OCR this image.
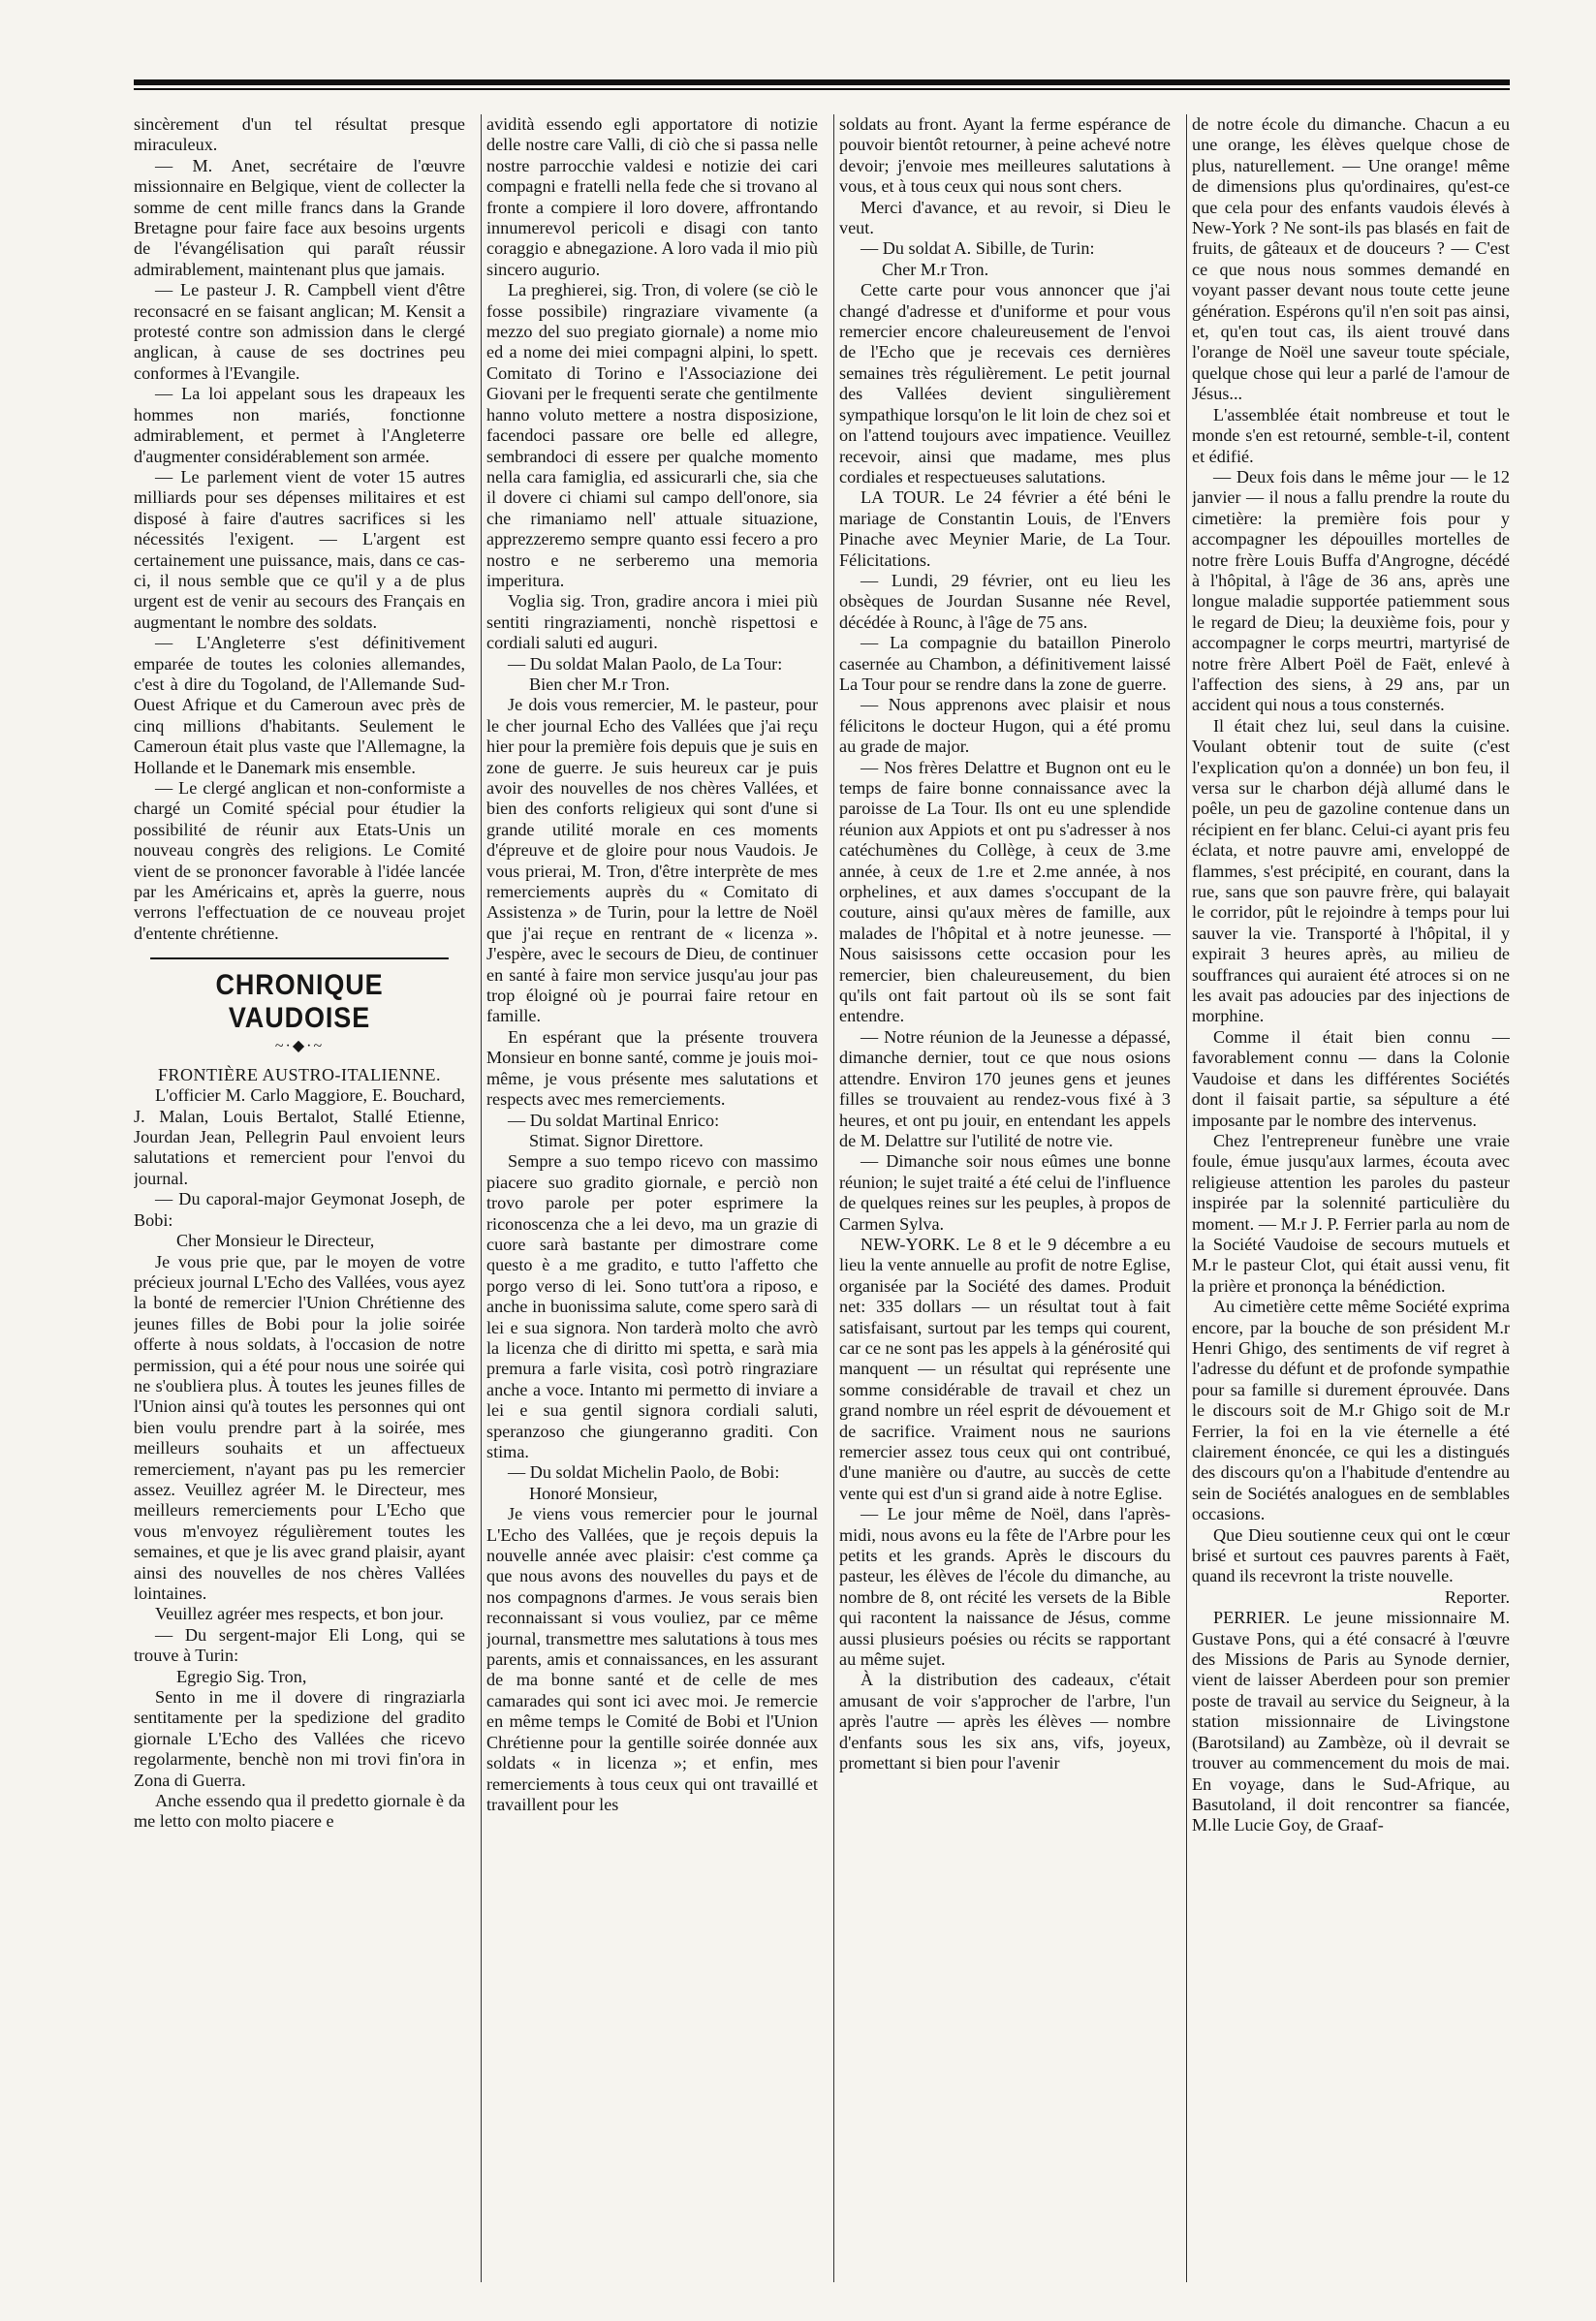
sincèrement d'un tel résultat presque miraculeux.

— M. Anet, secrétaire de l'œuvre missionnaire en Belgique, vient de collecter la somme de cent mille francs dans la Grande Bretagne pour faire face aux besoins urgents de l'évangélisation qui paraît réussir admirablement, maintenant plus que jamais.

— Le pasteur J. R. Campbell vient d'être reconsacré en se faisant anglican; M. Kensit a protesté contre son admission dans le clergé anglican, à cause de ses doctrines peu conformes à l'Evangile.

— La loi appelant sous les drapeaux les hommes non mariés, fonctionne admirablement, et permet à l'Angleterre d'augmenter considérablement son armée.

— Le parlement vient de voter 15 autres milliards pour ses dépenses militaires et est disposé à faire d'autres sacrifices si les nécessités l'exigent. — L'argent est certainement une puissance, mais, dans ce cas-ci, il nous semble que ce qu'il y a de plus urgent est de venir au secours des Français en augmentant le nombre des soldats.

— L'Angleterre s'est définitivement emparée de toutes les colonies allemandes, c'est à dire du Togoland, de l'Allemande Sud-Ouest Afrique et du Cameroun avec près de cinq millions d'habitants. Seulement le Cameroun était plus vaste que l'Allemagne, la Hollande et le Danemark mis ensemble.

— Le clergé anglican et non-conformiste a chargé un Comité spécial pour étudier la possibilité de réunir aux Etats-Unis un nouveau congrès des religions. Le Comité vient de se prononcer favorable à l'idée lancée par les Américains et, après la guerre, nous verrons l'effectuation de ce nouveau projet d'entente chrétienne.

CHRONIQUE VAUDOISE
~·◆·~
FRONTIÈRE AUSTRO-ITALIENNE.

L'officier M. Carlo Maggiore, E. Bouchard, J. Malan, Louis Bertalot, Stallé Etienne, Jourdan Jean, Pellegrin Paul envoient leurs salutations et remercient pour l'envoi du journal.

— Du caporal-major Geymonat Joseph, de Bobi:

Cher Monsieur le Directeur,

Je vous prie que, par le moyen de votre précieux journal L'Echo des Vallées, vous ayez la bonté de remercier l'Union Chrétienne des jeunes filles de Bobi pour la jolie soirée offerte à nous soldats, à l'occasion de notre permission, qui a été pour nous une soirée qui ne s'oubliera plus. À toutes les jeunes filles de l'Union ainsi qu'à toutes les personnes qui ont bien voulu prendre part à la soirée, mes meilleurs souhaits et un affectueux remerciement, n'ayant pas pu les remercier assez. Veuillez agréer M. le Directeur, mes meilleurs remerciements pour L'Echo que vous m'envoyez régulièrement toutes les semaines, et que je lis avec grand plaisir, ayant ainsi des nouvelles de nos chères Vallées lointaines.

Veuillez agréer mes respects, et bon jour.

— Du sergent-major Eli Long, qui se trouve à Turin:

Egregio Sig. Tron,

Sento in me il dovere di ringraziarla sentitamente per la spedizione del gradito giornale L'Echo des Vallées che ricevo regolarmente, benchè non mi trovi fin'ora in Zona di Guerra.

Anche essendo qua il predetto giornale è da me letto con molto piacere e

avidità essendo egli apportatore di notizie delle nostre care Valli, di ciò che si passa nelle nostre parrocchie valdesi e notizie dei cari compagni e fratelli nella fede che si trovano al fronte a compiere il loro dovere, affrontando innumerevol pericoli e disagi con tanto coraggio e abnegazione. A loro vada il mio più sincero augurio.

La preghierei, sig. Tron, di volere (se ciò le fosse possibile) ringraziare vivamente (a mezzo del suo pregiato giornale) a nome mio ed a nome dei miei compagni alpini, lo spett. Comitato di Torino e l'Associazione dei Giovani per le frequenti serate che gentilmente hanno voluto mettere a nostra disposizione, facendoci passare ore belle ed allegre, sembrandoci di essere per qualche momento nella cara famiglia, ed assicurarli che, sia che il dovere ci chiami sul campo dell'onore, sia che rimaniamo nell' attuale situazione, apprezzeremo sempre quanto essi fecero a pro nostro e ne serberemo una memoria imperitura.

Voglia sig. Tron, gradire ancora i miei più sentiti ringraziamenti, nonchè rispettosi e cordiali saluti ed auguri.

— Du soldat Malan Paolo, de La Tour:

Bien cher M.r Tron.

Je dois vous remercier, M. le pasteur, pour le cher journal Echo des Vallées que j'ai reçu hier pour la première fois depuis que je suis en zone de guerre. Je suis heureux car je puis avoir des nouvelles de nos chères Vallées, et bien des conforts religieux qui sont d'une si grande utilité morale en ces moments d'épreuve et de gloire pour nous Vaudois. Je vous prierai, M. Tron, d'être interprète de mes remerciements auprès du « Comitato di Assistenza » de Turin, pour la lettre de Noël que j'ai reçue en rentrant de « licenza ». J'espère, avec le secours de Dieu, de continuer en santé à faire mon service jusqu'au jour pas trop éloigné où je pourrai faire retour en famille.

En espérant que la présente trouvera Monsieur en bonne santé, comme je jouis moi-même, je vous présente mes salutations et respects avec mes remerciements.

— Du soldat Martinal Enrico:

Stimat. Signor Direttore.

Sempre a suo tempo ricevo con massimo piacere suo gradito giornale, e perciò non trovo parole per poter esprimere la riconoscenza che a lei devo, ma un grazie di cuore sarà bastante per dimostrare come questo è a me gradito, e tutto l'affetto che porgo verso di lei. Sono tutt'ora a riposo, e anche in buonissima salute, come spero sarà di lei e sua signora. Non tarderà molto che avrò la licenza che di diritto mi spetta, e sarà mia premura a farle visita, così potrò ringraziare anche a voce. Intanto mi permetto di inviare a lei e sua gentil signora cordiali saluti, speranzoso che giungeranno graditi. Con stima.

— Du soldat Michelin Paolo, de Bobi:

Honoré Monsieur,

Je viens vous remercier pour le journal L'Echo des Vallées, que je reçois depuis la nouvelle année avec plaisir: c'est comme ça que nous avons des nouvelles du pays et de nos compagnons d'armes. Je vous serais bien reconnaissant si vous vouliez, par ce même journal, transmettre mes salutations à tous mes parents, amis et connaissances, en les assurant de ma bonne santé et de celle de mes camarades qui sont ici avec moi. Je remercie en même temps le Comité de Bobi et l'Union Chrétienne pour la gentille soirée donnée aux soldats « in licenza »; et enfin, mes remerciements à tous ceux qui ont travaillé et travaillent pour les

soldats au front. Ayant la ferme espérance de pouvoir bientôt retourner, à peine achevé notre devoir; j'envoie mes meilleures salutations à vous, et à tous ceux qui nous sont chers.

Merci d'avance, et au revoir, si Dieu le veut.

— Du soldat A. Sibille, de Turin:

Cher M.r Tron.

Cette carte pour vous annoncer que j'ai changé d'adresse et d'uniforme et pour vous remercier encore chaleureusement de l'envoi de l'Echo que je recevais ces dernières semaines très régulièrement. Le petit journal des Vallées devient singulièrement sympathique lorsqu'on le lit loin de chez soi et on l'attend toujours avec impatience. Veuillez recevoir, ainsi que madame, mes plus cordiales et respectueuses salutations.

LA TOUR. Le 24 février a été béni le mariage de Constantin Louis, de l'Envers Pinache avec Meynier Marie, de La Tour. Félicitations.

— Lundi, 29 février, ont eu lieu les obsèques de Jourdan Susanne née Revel, décédée à Rounc, à l'âge de 75 ans.

— La compagnie du bataillon Pinerolo casernée au Chambon, a définitivement laissé La Tour pour se rendre dans la zone de guerre.

— Nous apprenons avec plaisir et nous félicitons le docteur Hugon, qui a été promu au grade de major.

— Nos frères Delattre et Bugnon ont eu le temps de faire bonne connaissance avec la paroisse de La Tour. Ils ont eu une splendide réunion aux Appiots et ont pu s'adresser à nos catéchumènes du Collège, à ceux de 3.me année, à ceux de 1.re et 2.me année, à nos orphelines, et aux dames s'occupant de la couture, ainsi qu'aux mères de famille, aux malades de l'hôpital et à notre jeunesse. — Nous saisissons cette occasion pour les remercier, bien chaleureusement, du bien qu'ils ont fait partout où ils se sont fait entendre.

— Notre réunion de la Jeunesse a dépassé, dimanche dernier, tout ce que nous osions attendre. Environ 170 jeunes gens et jeunes filles se trouvaient au rendez-vous fixé à 3 heures, et ont pu jouir, en entendant les appels de M. Delattre sur l'utilité de notre vie.

— Dimanche soir nous eûmes une bonne réunion; le sujet traité a été celui de l'influence de quelques reines sur les peuples, à propos de Carmen Sylva.

NEW-YORK. Le 8 et le 9 décembre a eu lieu la vente annuelle au profit de notre Eglise, organisée par la Société des dames. Produit net: 335 dollars — un résultat tout à fait satisfaisant, surtout par les temps qui courent, car ce ne sont pas les appels à la générosité qui manquent — un résultat qui représente une somme considérable de travail et chez un grand nombre un réel esprit de dévouement et de sacrifice. Vraiment nous ne saurions remercier assez tous ceux qui ont contribué, d'une manière ou d'autre, au succès de cette vente qui est d'un si grand aide à notre Eglise.

— Le jour même de Noël, dans l'après-midi, nous avons eu la fête de l'Arbre pour les petits et les grands. Après le discours du pasteur, les élèves de l'école du dimanche, au nombre de 8, ont récité les versets de la Bible qui racontent la naissance de Jésus, comme aussi plusieurs poésies ou récits se rapportant au même sujet.

À la distribution des cadeaux, c'était amusant de voir s'approcher de l'arbre, l'un après l'autre — après les élèves — nombre d'enfants sous les six ans, vifs, joyeux, promettant si bien pour l'avenir

de notre école du dimanche. Chacun a eu une orange, les élèves quelque chose de plus, naturellement. — Une orange! même de dimensions plus qu'ordinaires, qu'est-ce que cela pour des enfants vaudois élevés à New-York ? Ne sont-ils pas blasés en fait de fruits, de gâteaux et de douceurs ? — C'est ce que nous nous sommes demandé en voyant passer devant nous toute cette jeune génération. Espérons qu'il n'en soit pas ainsi, et, qu'en tout cas, ils aient trouvé dans l'orange de Noël une saveur toute spéciale, quelque chose qui leur a parlé de l'amour de Jésus...

L'assemblée était nombreuse et tout le monde s'en est retourné, semble-t-il, content et édifié.

— Deux fois dans le même jour — le 12 janvier — il nous a fallu prendre la route du cimetière: la première fois pour y accompagner les dépouilles mortelles de notre frère Louis Buffa d'Angrogne, décédé à l'hôpital, à l'âge de 36 ans, après une longue maladie supportée patiemment sous le regard de Dieu; la deuxième fois, pour y accompagner le corps meurtri, martyrisé de notre frère Albert Poël de Faët, enlevé à l'affection des siens, à 29 ans, par un accident qui nous a tous consternés.

Il était chez lui, seul dans la cuisine. Voulant obtenir tout de suite (c'est l'explication qu'on a donnée) un bon feu, il versa sur le charbon déjà allumé dans le poêle, un peu de gazoline contenue dans un récipient en fer blanc. Celui-ci ayant pris feu éclata, et notre pauvre ami, enveloppé de flammes, s'est précipité, en courant, dans la rue, sans que son pauvre frère, qui balayait le corridor, pût le rejoindre à temps pour lui sauver la vie. Transporté à l'hôpital, il y expirait 3 heures après, au milieu de souffrances qui auraient été atroces si on ne les avait pas adoucies par des injections de morphine.

Comme il était bien connu — favorablement connu — dans la Colonie Vaudoise et dans les différentes Sociétés dont il faisait partie, sa sépulture a été imposante par le nombre des intervenus.

Chez l'entrepreneur funèbre une vraie foule, émue jusqu'aux larmes, écouta avec religieuse attention les paroles du pasteur inspirée par la solennité particulière du moment. — M.r J. P. Ferrier parla au nom de la Société Vaudoise de secours mutuels et M.r le pasteur Clot, qui était aussi venu, fit la prière et prononça la bénédiction.

Au cimetière cette même Société exprima encore, par la bouche de son président M.r Henri Ghigo, des sentiments de vif regret à l'adresse du défunt et de profonde sympathie pour sa famille si durement éprouvée. Dans le discours soit de M.r Ghigo soit de M.r Ferrier, la foi en la vie éternelle a été clairement énoncée, ce qui les a distingués des discours qu'on a l'habitude d'entendre au sein de Sociétés analogues en de semblables occasions.

Que Dieu soutienne ceux qui ont le cœur brisé et surtout ces pauvres parents à Faët, quand ils recevront la triste nouvelle.

Reporter.

PERRIER. Le jeune missionnaire M. Gustave Pons, qui a été consacré à l'œuvre des Missions de Paris au Synode dernier, vient de laisser Aberdeen pour son premier poste de travail au service du Seigneur, à la station missionnaire de Livingstone (Barotsiland) au Zambèze, où il devrait se trouver au commencement du mois de mai. En voyage, dans le Sud-Afrique, au Basutoland, il doit rencontrer sa fiancée, M.lle Lucie Goy, de Graaf-
